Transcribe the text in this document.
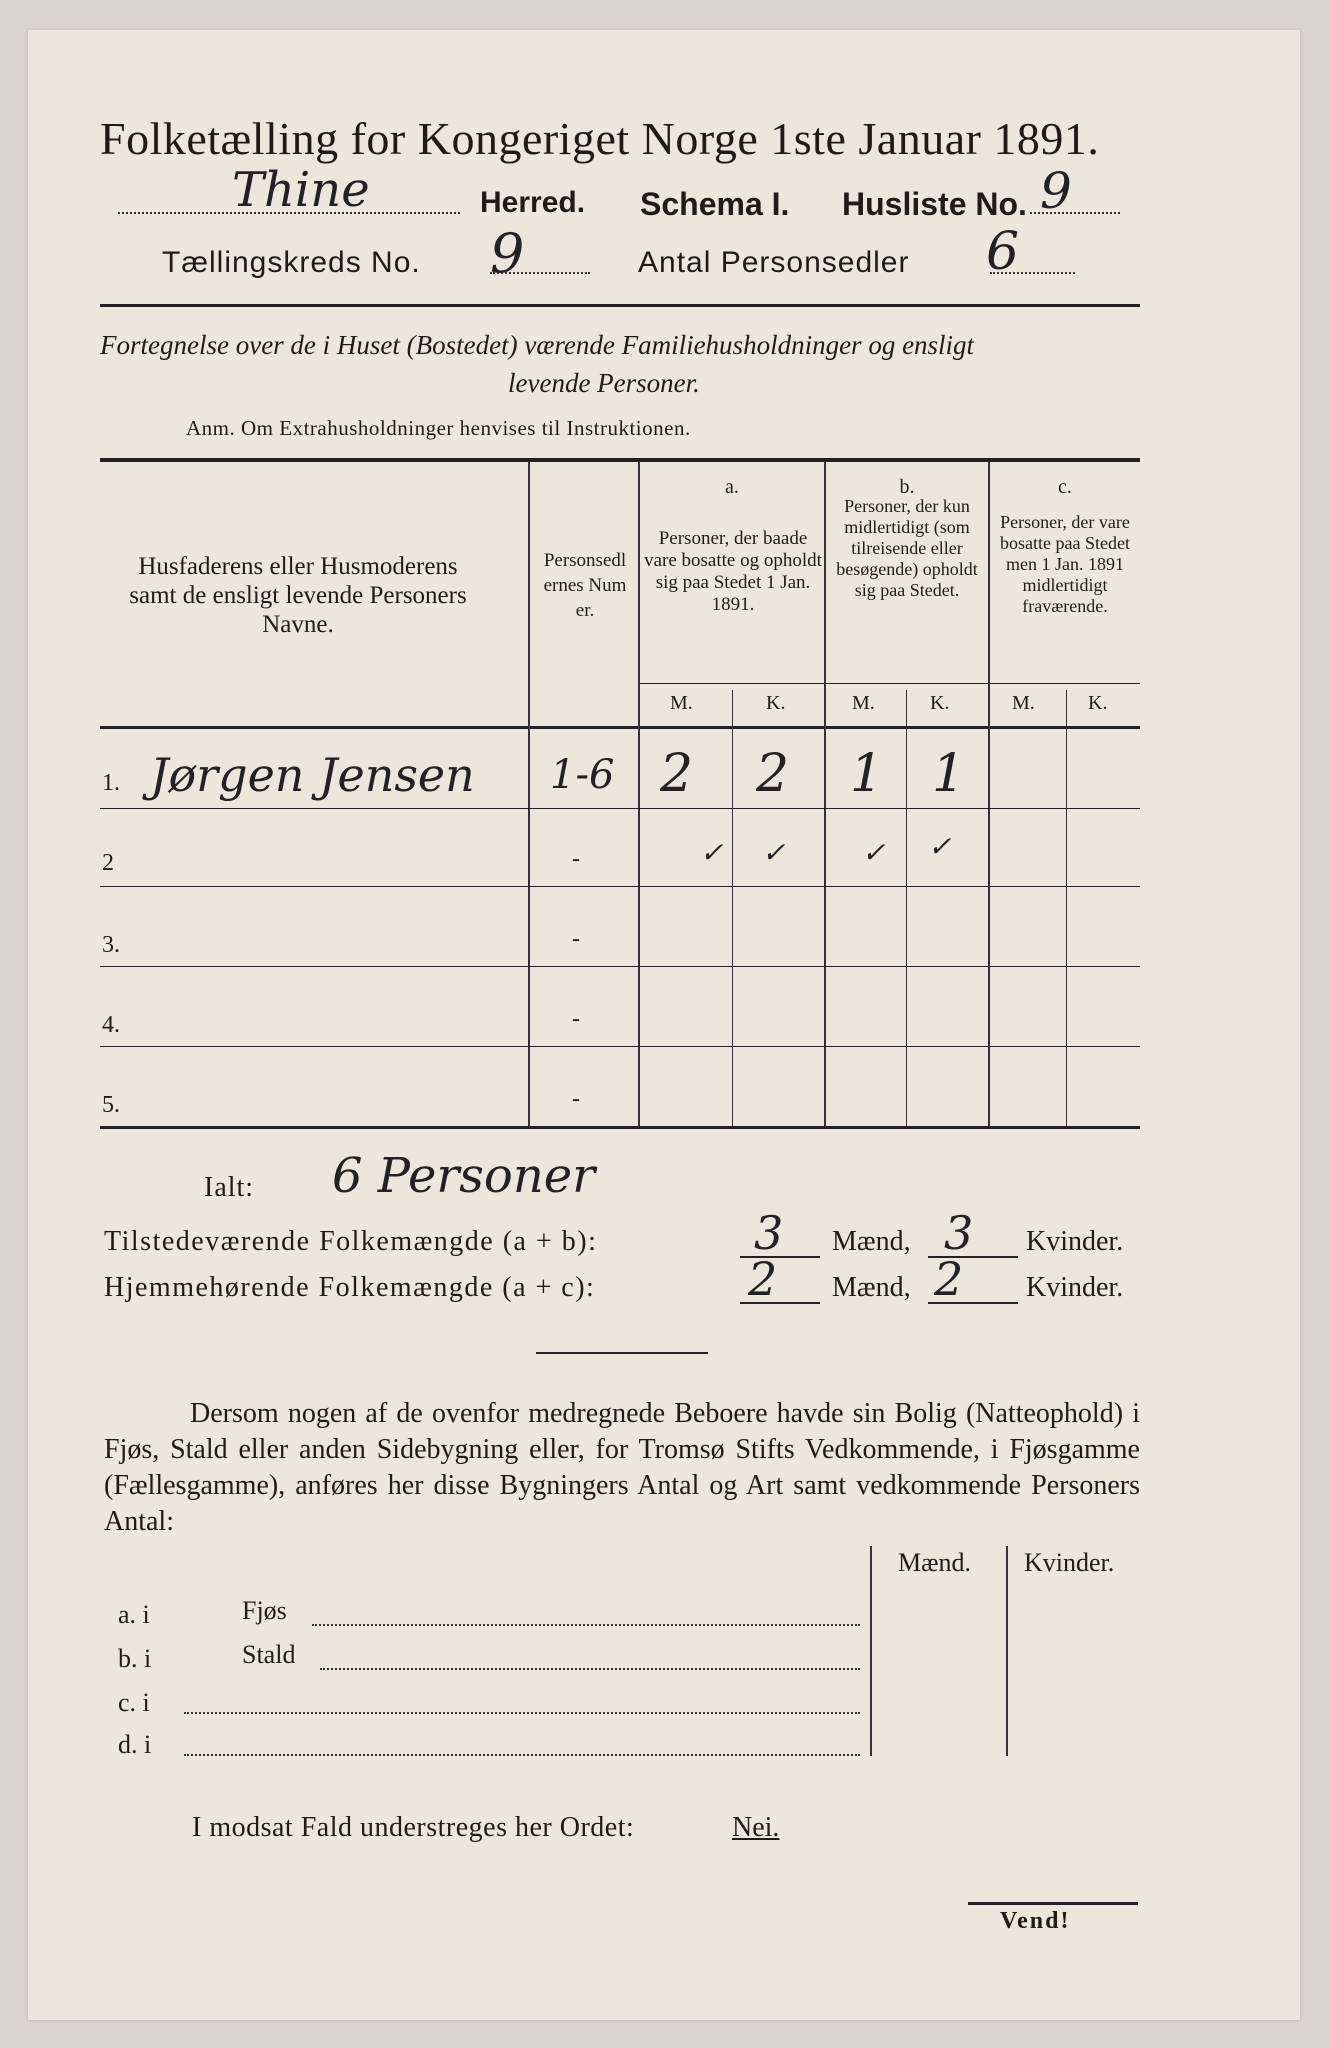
Folketælling for Kongeriget Norge 1ste Januar 1891.
Thine	Herred. Schema I. Husliste No. 9
Tællingskreds No. 9	Antal Personsedler 6
Fortegnelse over de i Huset (Bostedet) værende Familiehusholdninger og ensligt
levende Personer.
Anm. Om Extrahusholdninger henvises til Instruktionen.
Husfaderens eller Husmoderens samt de ensligt levende Personers Navne.
Personsedlernes Numer.
a.
Personer, der baade vare bosatte og opholdt sig paa Stedet 1 Jan. 1891.
b.
Personer, der kun midlertidigt (som tilreisende eller besøgende) opholdt sig paa Stedet.
c.
Personer, der vare bosatte paa Stedet men 1 Jan. 1891 midlertidigt fraværende.
M.	K.	M.	K.	M.	K.
1. Jørgen Jensen 1-6 2 2 1 1
2	-	✓ ✓	✓ ✓
3.	-
4.	-
5.	-
Ialt: 6 Personer
Tilstedeværende Folkemængde (a + b):	3 Mænd, 3 Kvinder.
Hjemmehørende Folkemængde (a + c):	2 Mænd, 2 Kvinder.
Dersom nogen af de ovenfor medregnede Beboere havde sin Bolig (Natteophold) i Fjøs, Stald eller anden Sidebygning eller, for Tromsø Stifts Vedkommende, i Fjøsgamme (Fællesgamme), anføres her disse Bygningers Antal og Art samt vedkommende Personers Antal:
Mænd. Kvinder.
a. i	Fjøs
b. i	Stald
c. i
d. i
I modsat Fald understreges her Ordet:	Nei.
Vend!
